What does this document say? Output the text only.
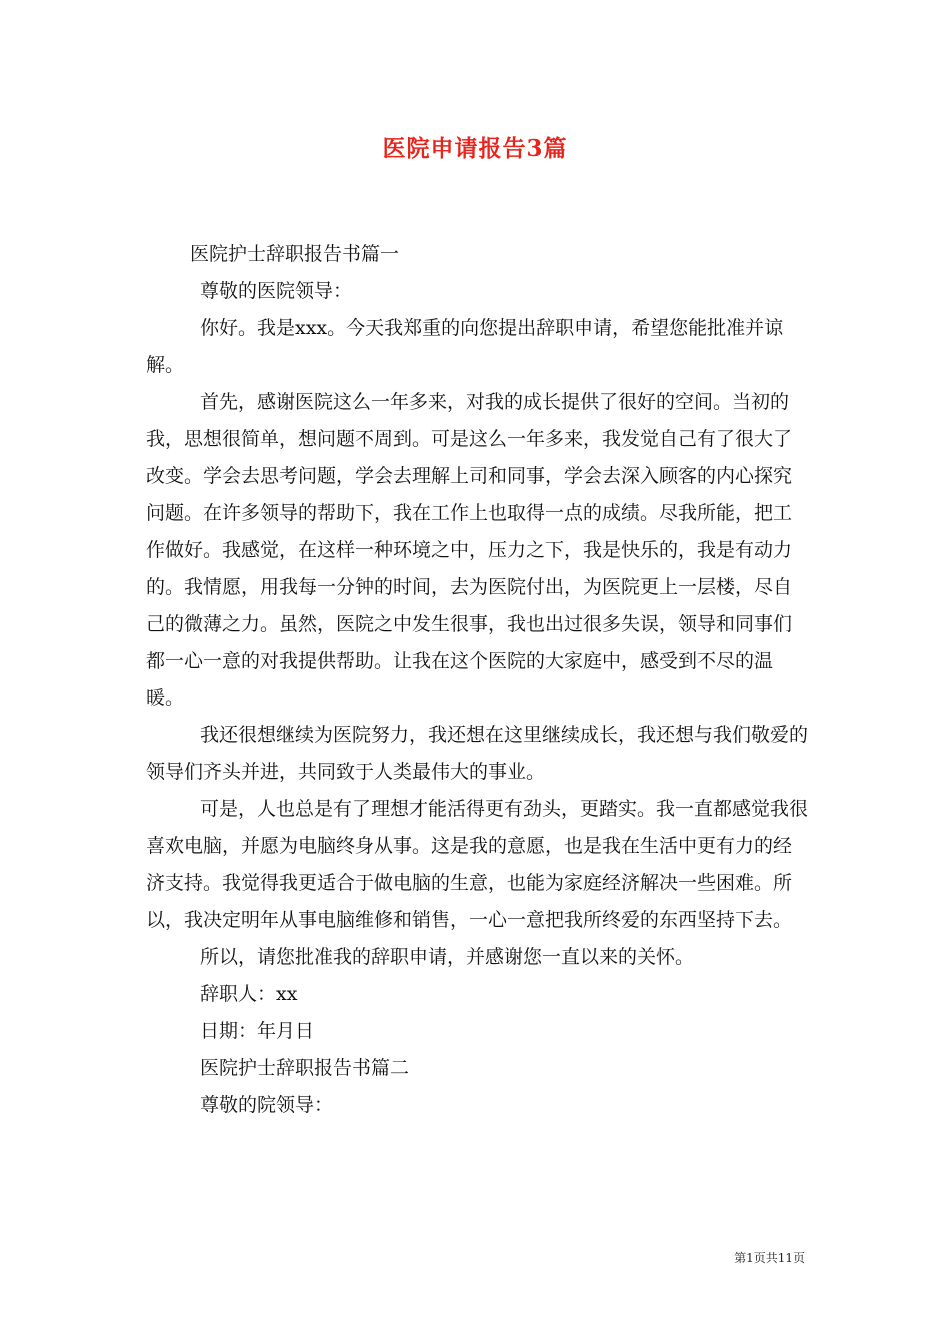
医院申请报告3篇

医院护士辞职报告书篇一

尊敬的医院领导：

你好。我是xxx。今天我郑重的向您提出辞职申请，希望您能批准并谅解。

首先，感谢医院这么一年多来，对我的成长提供了很好的空间。当初的我，思想很简单，想问题不周到。可是这么一年多来，我发觉自己有了很大了改变。学会去思考问题，学会去理解上司和同事，学会去深入顾客的内心探究问题。在许多领导的帮助下，我在工作上也取得一点的成绩。尽我所能，把工作做好。我感觉，在这样一种环境之中，压力之下，我是快乐的，我是有动力的。我情愿，用我每一分钟的时间，去为医院付出，为医院更上一层楼，尽自己的微薄之力。虽然，医院之中发生很事，我也出过很多失误，领导和同事们都一心一意的对我提供帮助。让我在这个医院的大家庭中，感受到不尽的温暖。

我还很想继续为医院努力，我还想在这里继续成长，我还想与我们敬爱的领导们齐头并进，共同致于人类最伟大的事业。

可是，人也总是有了理想才能活得更有劲头，更踏实。我一直都感觉我很喜欢电脑，并愿为电脑终身从事。这是我的意愿，也是我在生活中更有力的经济支持。我觉得我更适合于做电脑的生意，也能为家庭经济解决一些困难。所以，我决定明年从事电脑维修和销售，一心一意把我所终爱的东西坚持下去。

所以，请您批准我的辞职申请，并感谢您一直以来的关怀。

辞职人：xx

日期：年月日

医院护士辞职报告书篇二

尊敬的院领导：

第1页共11页
